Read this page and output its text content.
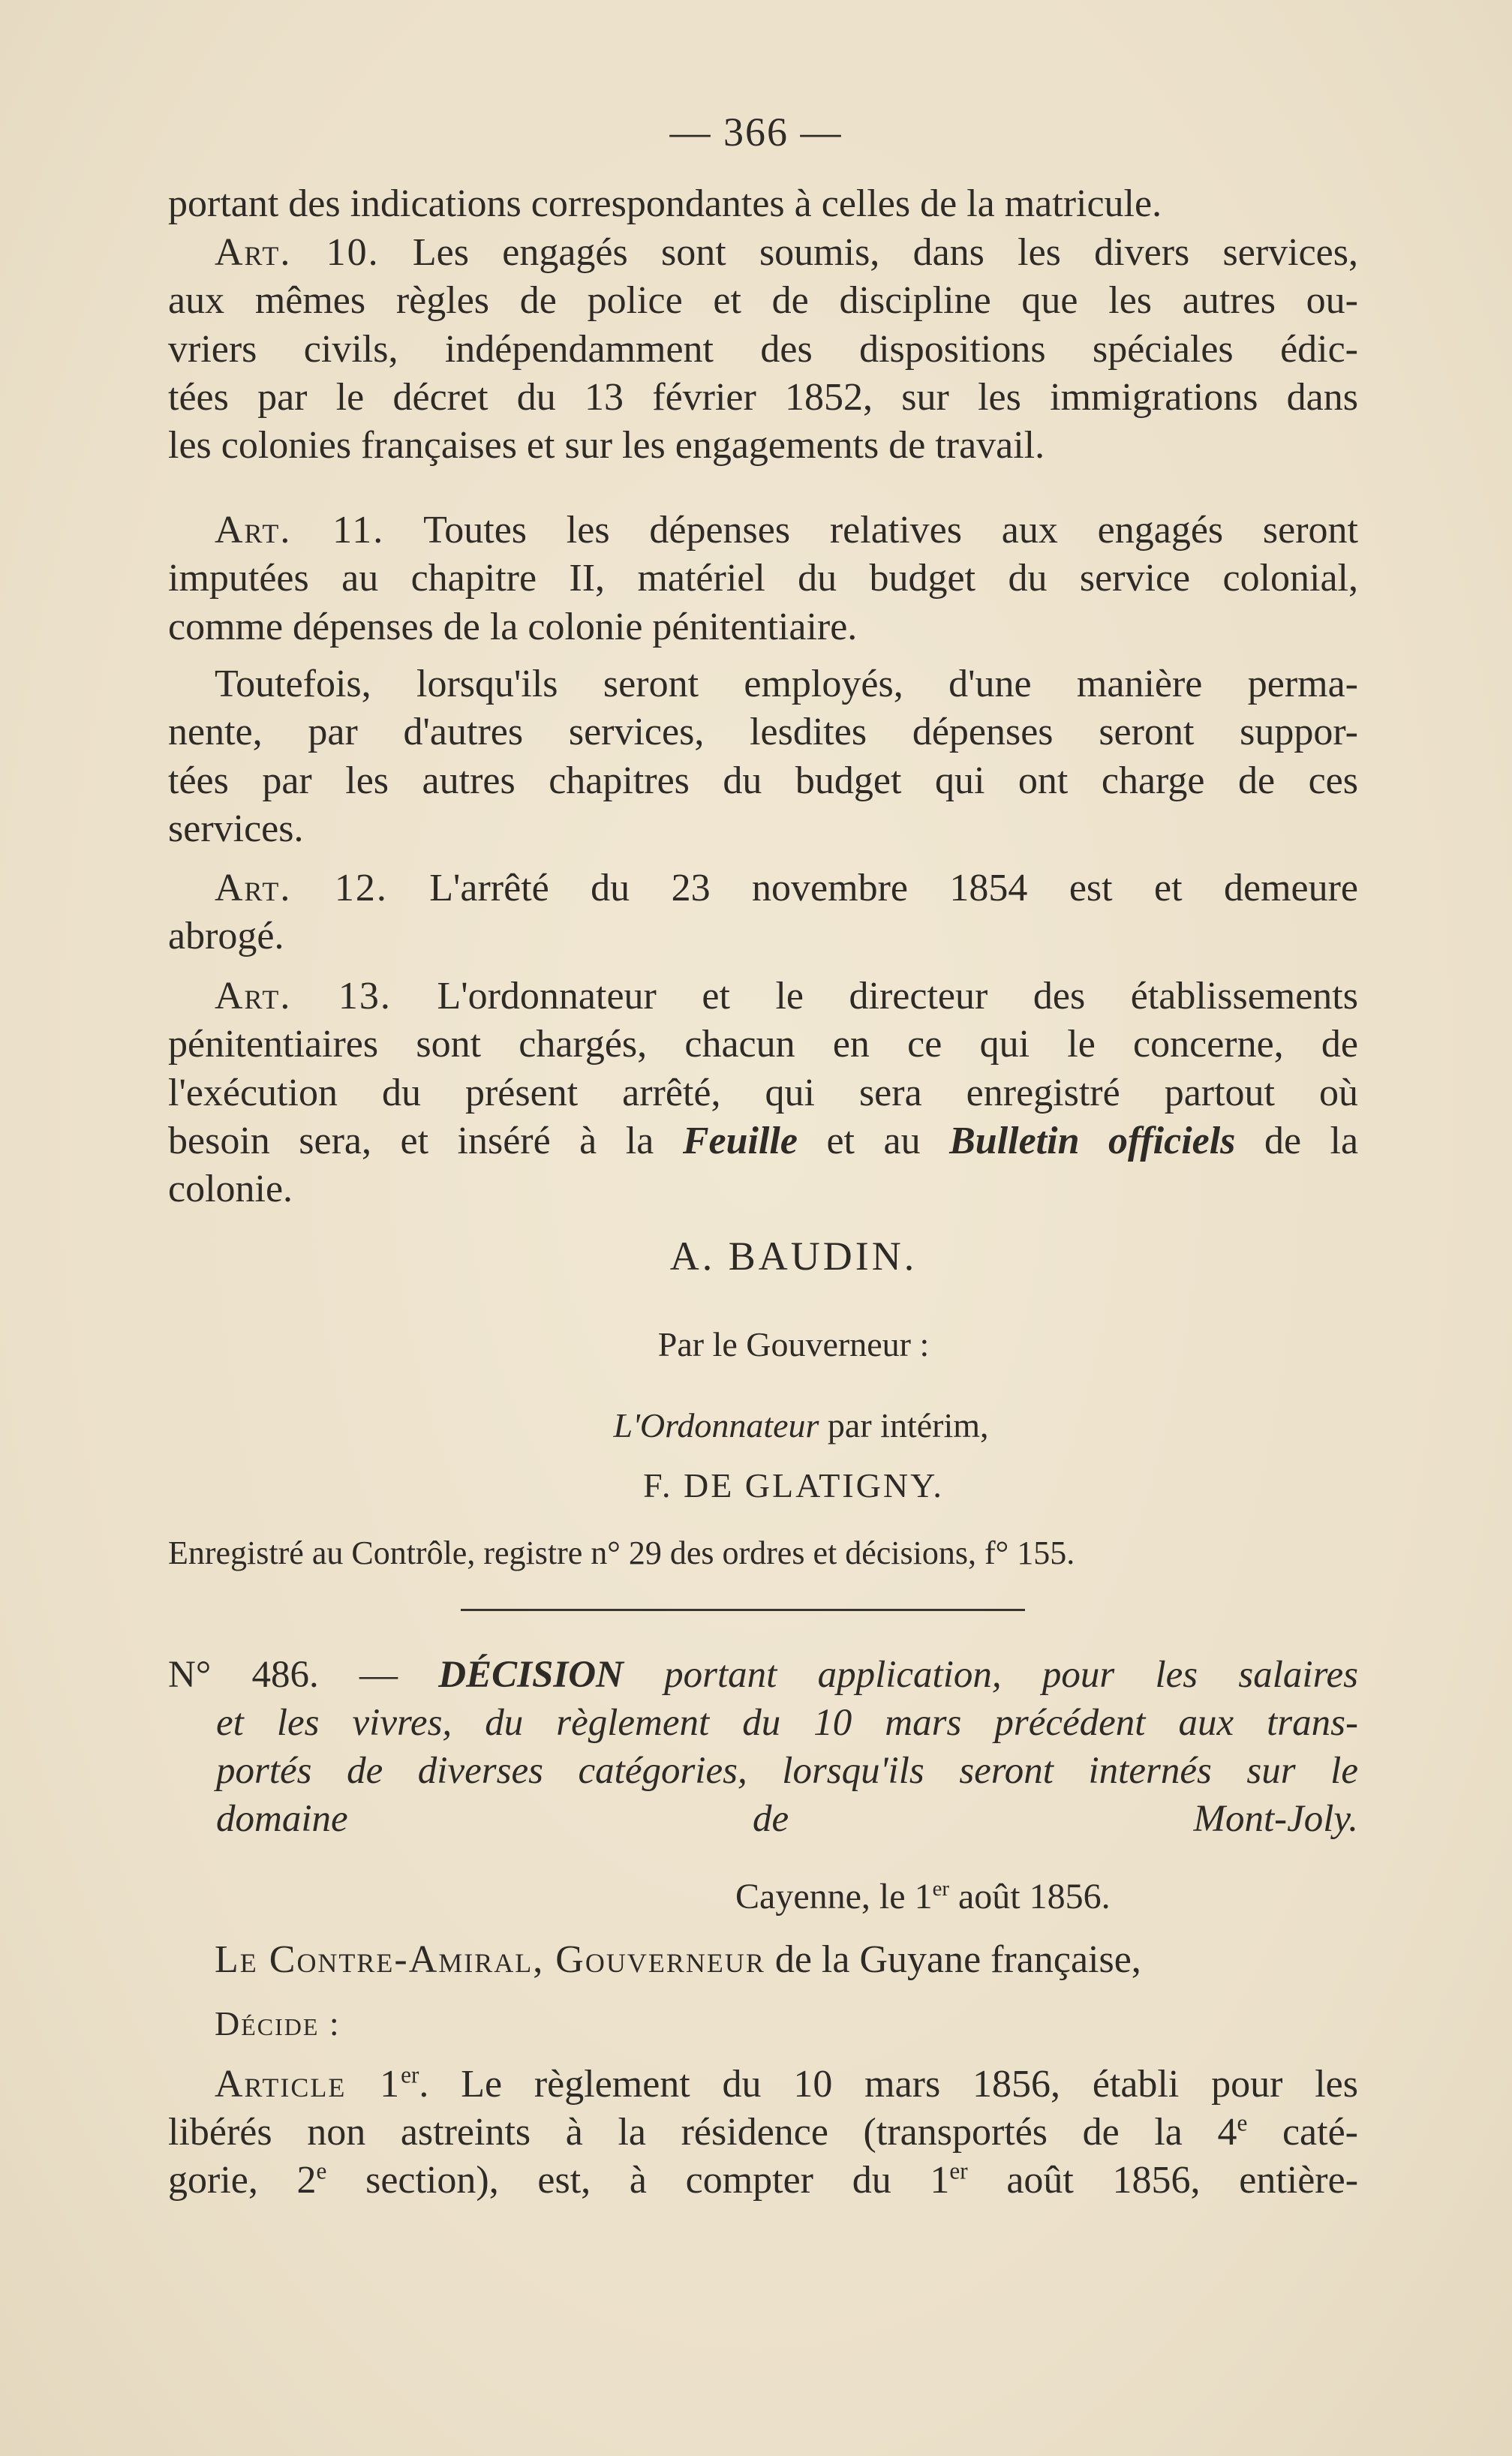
— 366 —
portant des indications correspondantes à celles de la matricule.
Art. 10. Les engagés sont soumis, dans les divers services,
aux mêmes règles de police et de discipline que les autres ou-
vriers civils, indépendamment des dispositions spéciales édic-
tées par le décret du 13 février 1852, sur les immigrations dans
les colonies françaises et sur les engagements de travail.
Art. 11. Toutes les dépenses relatives aux engagés seront
imputées au chapitre II, matériel du budget du service colonial,
comme dépenses de la colonie pénitentiaire.
Toutefois, lorsqu'ils seront employés, d'une manière perma-
nente, par d'autres services, lesdites dépenses seront suppor-
tées par les autres chapitres du budget qui ont charge de ces
services.
Art. 12. L'arrêté du 23 novembre 1854 est et demeure
abrogé.
Art. 13. L'ordonnateur et le directeur des établissements
pénitentiaires sont chargés, chacun en ce qui le concerne, de
l'exécution du présent arrêté, qui sera enregistré partout où
besoin sera, et inséré à la Feuille et au Bulletin officiels de la
colonie.
A. BAUDIN.
Par le Gouverneur :
L'Ordonnateur par intérim,
F. DE GLATIGNY.
Enregistré au Contrôle, registre n° 29 des ordres et décisions, f° 155.
N° 486. — DÉCISION portant application, pour les salaires
et les vivres, du règlement du 10 mars précédent aux trans-
portés de diverses catégories, lorsqu'ils seront internés sur le
domaine de Mont-Joly.
Cayenne, le 1er août 1856.
Le Contre-Amiral, Gouverneur de la Guyane française,
Décide :
Article 1er. Le règlement du 10 mars 1856, établi pour les
libérés non astreints à la résidence (transportés de la 4e caté-
gorie, 2e section), est, à compter du 1er août 1856, entière-
